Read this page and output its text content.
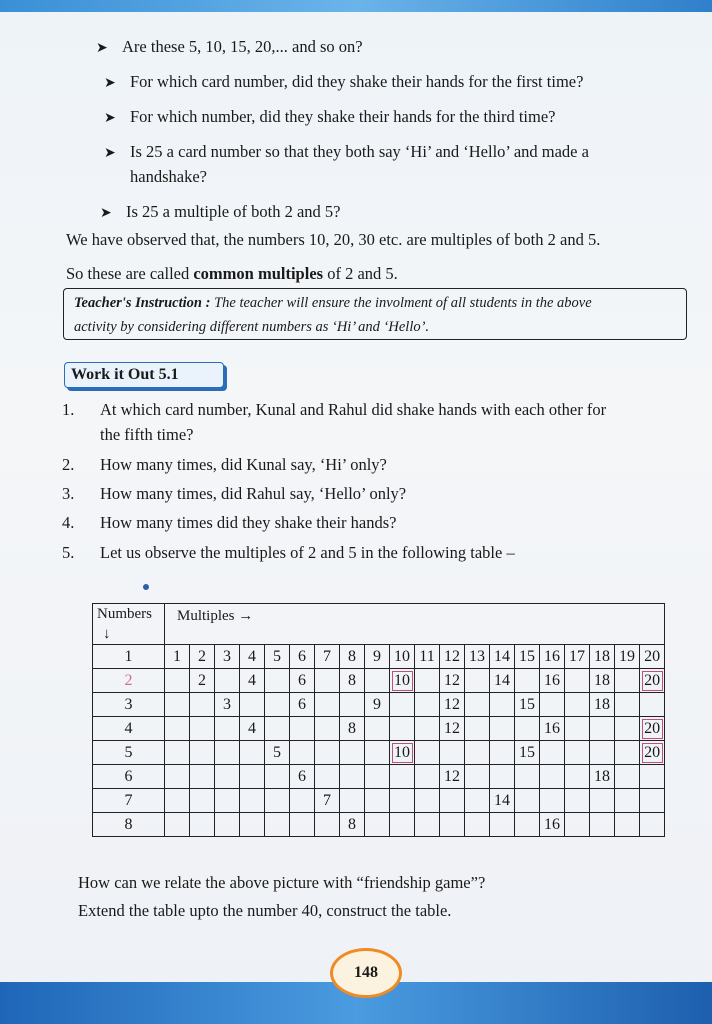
➤ Are these 5, 10, 15, 20,... and so on?
➤ For which card number, did they shake their hands for the first time?
➤ For which number, did they shake their hands for the third time?
➤ Is 25 a card number so that they both say ‘Hi’ and ‘Hello’ and made a
handshake?
➤ Is 25 a multiple of both 2 and 5?
We have observed that, the numbers 10, 20, 30 etc. are multiples of both 2 and 5.
So these are called common multiples of 2 and 5.
Teacher's Instruction : The teacher will ensure the involment of all students in the above
activity by considering different numbers as ‘Hi’ and ‘Hello’.
Work it Out 5.1
1. At which card number, Kunal and Rahul did shake hands with each other for
the fifth time?
2. How many times, did Kunal say, ‘Hi’ only?
3. How many times, did Rahul say, ‘Hello’ only?
4. How many times did they shake their hands?
5. Let us observe the multiples of 2 and 5 in the following table –
Numbers
↓	Multiples →																			
1	1	2	3	4	5	6	7	8	9	10	11	12	13	14	15	16	17	18	19	20
2		2		4		6		8		10		12		14		16		18		20
3			3			6			9			12			15			18		
4				4				8				12				16				20
5					5					10					15					20
6						6						12						18		
7							7							14						
8								8								16				
How can we relate the above picture with “friendship game”?
Extend the table upto the number 40, construct the table.
148
